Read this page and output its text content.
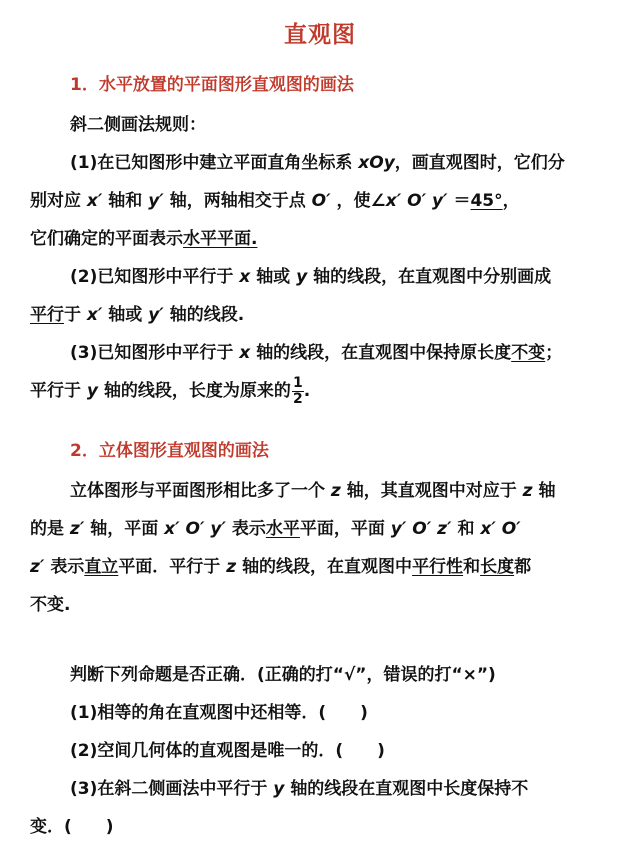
直观图
1．水平放置的平面图形直观图的画法
斜二侧画法规则：
(1)在已知图形中建立平面直角坐标系 xOy，画直观图时，它们分
别对应 x′ 轴和 y′ 轴，两轴相交于点 O′ ，使∠x′ O′ y′ ＝45°，
它们确定的平面表示水平平面.
(2)已知图形中平行于 x 轴或 y 轴的线段，在直观图中分别画成
平行于 x′ 轴或 y′ 轴的线段.
(3)已知图形中平行于 x 轴的线段，在直观图中保持原长度不变；
平行于 y 轴的线段，长度为原来的 $\frac{1}{2}$ .
2．立体图形直观图的画法
立体图形与平面图形相比多了一个 z 轴，其直观图中对应于 z 轴
的是 z′ 轴，平面 x′ O′ y′ 表示水平平面，平面 y′ O′ z′ 和 x′ O′
z′ 表示直立平面．平行于 z 轴的线段，在直观图中平行性和长度都
不变.
判断下列命题是否正确．(正确的打“√”，错误的打“×”)
(1)相等的角在直观图中还相等．(　　)
(2)空间几何体的直观图是唯一的．(　　)
(3)在斜二侧画法中平行于 y 轴的线段在直观图中长度保持不
变．(　　)
